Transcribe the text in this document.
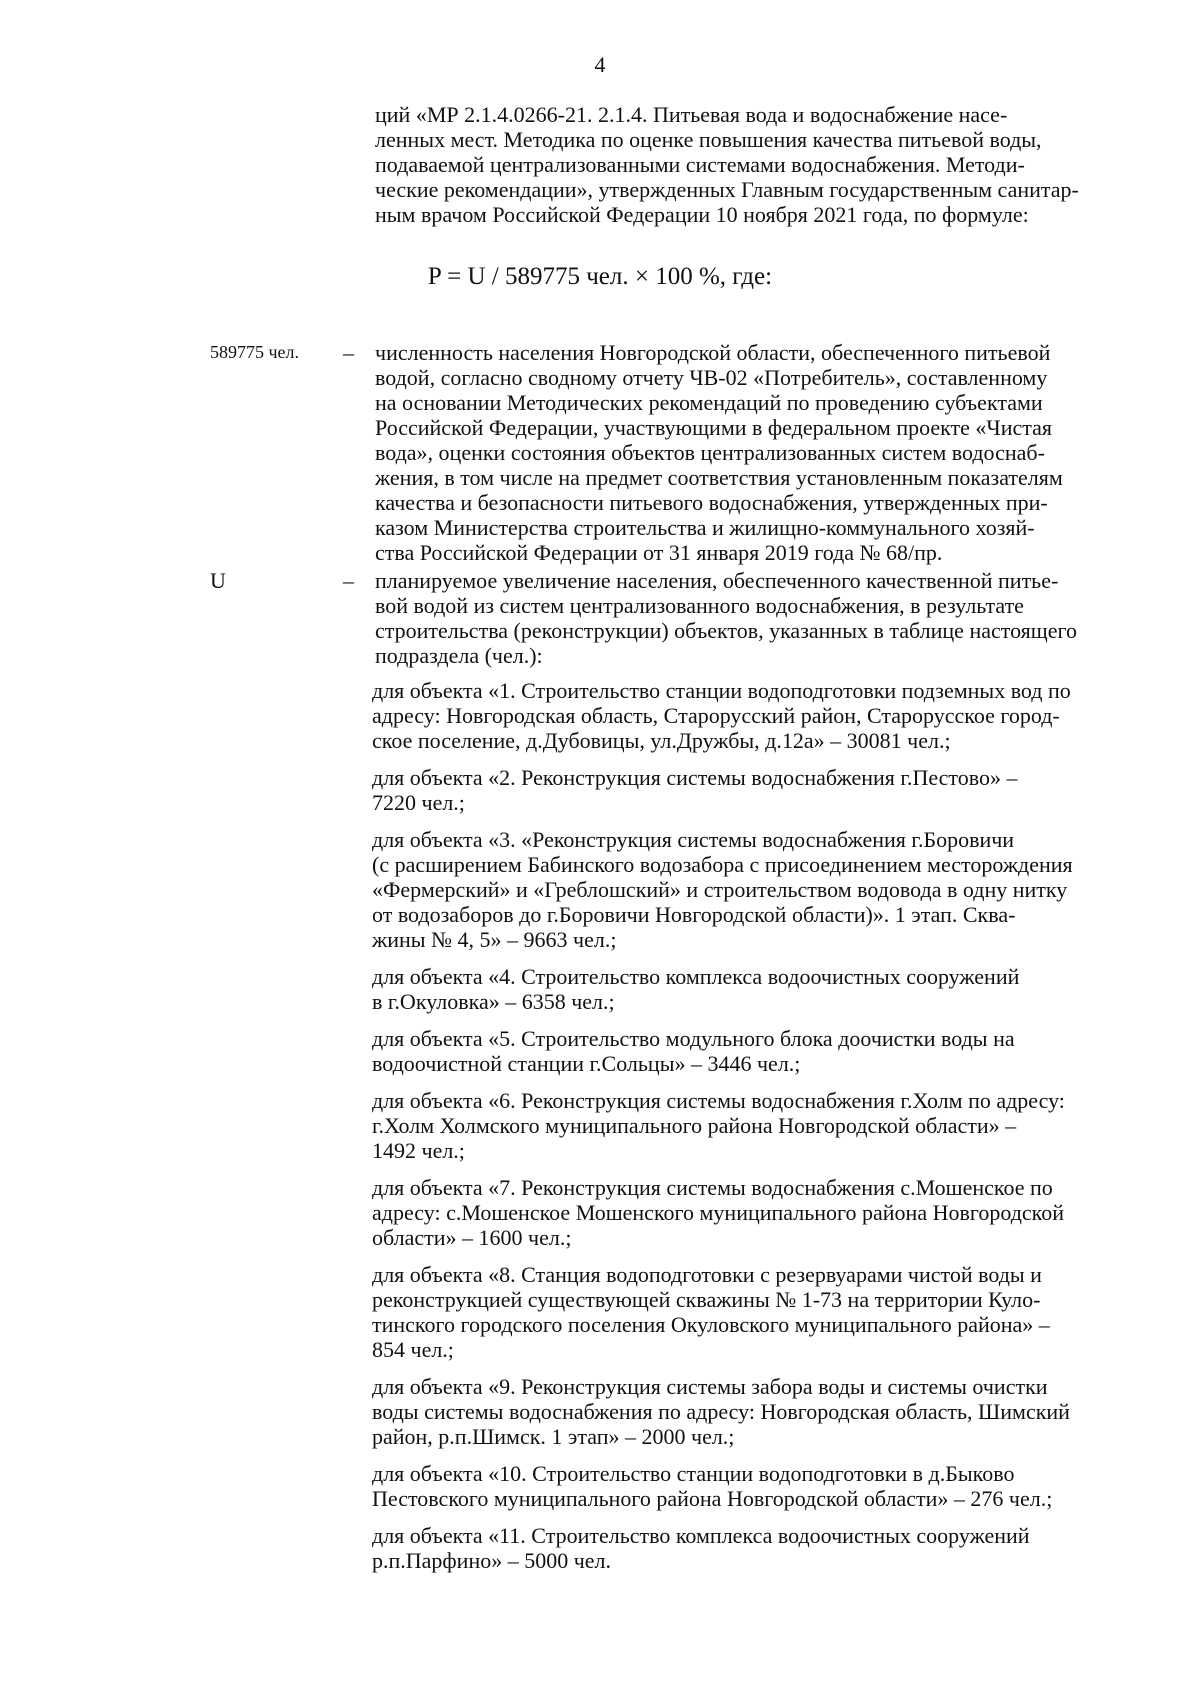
4
ций «МР 2.1.4.0266-21. 2.1.4. Питьевая вода и водоснабжение насе-
ленных мест. Методика по оценке повышения качества питьевой воды,
подаваемой централизованными системами водоснабжения. Методи-
ческие рекомендации», утвержденных Главным государственным санитар-
ным врачом Российской Федерации 10 ноября 2021 года, по формуле:
P = U / 589775 чел. × 100 %, где:
589775 чел. – численность населения Новгородской области, обеспеченного питьевой
водой, согласно сводному отчету ЧВ-02 «Потребитель», составленному
на основании Методических рекомендаций по проведению субъектами
Российской Федерации, участвующими в федеральном проекте «Чистая
вода», оценки состояния объектов централизованных систем водоснаб-
жения, в том числе на предмет соответствия установленным показателям
качества и безопасности питьевого водоснабжения, утвержденных при-
казом Министерства строительства и жилищно-коммунального хозяй-
ства Российской Федерации от 31 января 2019 года № 68/пр.
U	– планируемое увеличение населения, обеспеченного качественной питье-
вой водой из систем централизованного водоснабжения, в результате
строительства (реконструкции) объектов, указанных в таблице настоящего
подраздела (чел.):
для объекта «1. Строительство станции водоподготовки подземных вод по
адресу: Новгородская область, Старорусский район, Старорусское город-
ское поселение, д.Дубовицы, ул.Дружбы, д.12а» – 30081 чел.;
для объекта «2. Реконструкция системы водоснабжения г.Пестово» –
7220 чел.;
для объекта «3. «Реконструкция системы водоснабжения г.Боровичи
(с расширением Бабинского водозабора с присоединением месторождения
«Фермерский» и «Греблошский» и строительством водовода в одну нитку
от водозаборов до г.Боровичи Новгородской области)». 1 этап. Сква-
жины № 4, 5» – 9663 чел.;
для объекта «4. Строительство комплекса водоочистных сооружений
в г.Окуловка» – 6358 чел.;
для объекта «5. Строительство модульного блока доочистки воды на
водоочистной станции г.Сольцы» – 3446 чел.;
для объекта «6. Реконструкция системы водоснабжения г.Холм по адресу:
г.Холм Холмского муниципального района Новгородской области» –
1492 чел.;
для объекта «7. Реконструкция системы водоснабжения с.Мошенское по
адресу: с.Мошенское Мошенского муниципального района Новгородской
области» – 1600 чел.;
для объекта «8. Станция водоподготовки с резервуарами чистой воды и
реконструкцией существующей скважины № 1-73 на территории Куло-
тинского городского поселения Окуловского муниципального района» –
854 чел.;
для объекта «9. Реконструкция системы забора воды и системы очистки
воды системы водоснабжения по адресу: Новгородская область, Шимский
район, р.п.Шимск. 1 этап» – 2000 чел.;
для объекта «10. Строительство станции водоподготовки в д.Быково
Пестовского муниципального района Новгородской области» – 276 чел.;
для объекта «11. Строительство комплекса водоочистных сооружений
р.п.Парфино» – 5000 чел.
